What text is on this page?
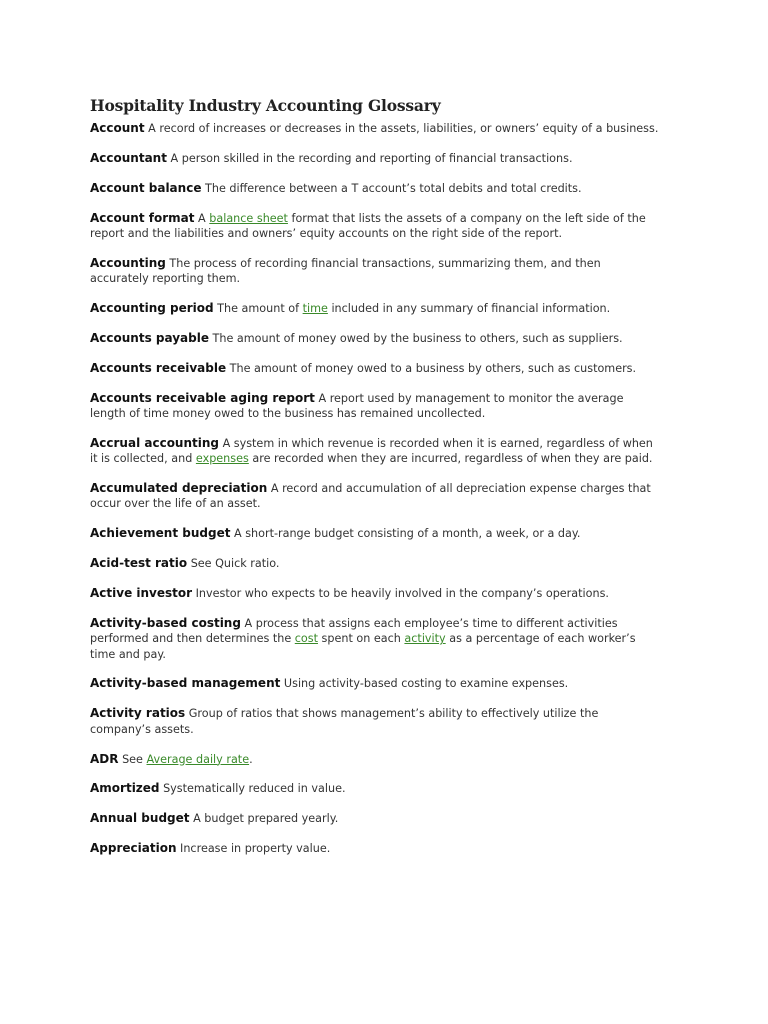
Hospitality Industry Accounting Glossary

Account A record of increases or decreases in the assets, liabilities, or owners’ equity of a business.

Accountant A person skilled in the recording and reporting of financial transactions.

Account balance The difference between a T account’s total debits and total credits.

Account format A balance sheet format that lists the assets of a company on the left side of the report and the liabilities and owners’ equity accounts on the right side of the report.

Accounting The process of recording financial transactions, summarizing them, and then accurately reporting them.

Accounting period The amount of time included in any summary of financial information.

Accounts payable The amount of money owed by the business to others, such as suppliers.

Accounts receivable The amount of money owed to a business by others, such as customers.

Accounts receivable aging report A report used by management to monitor the average length of time money owed to the business has remained uncollected.

Accrual accounting A system in which revenue is recorded when it is earned, regardless of when it is collected, and expenses are recorded when they are incurred, regardless of when they are paid.

Accumulated depreciation A record and accumulation of all depreciation expense charges that occur over the life of an asset.

Achievement budget A short-range budget consisting of a month, a week, or a day.

Acid-test ratio See Quick ratio.

Active investor Investor who expects to be heavily involved in the company’s operations.

Activity-based costing A process that assigns each employee’s time to different activities performed and then determines the cost spent on each activity as a percentage of each worker’s time and pay.

Activity-based management Using activity-based costing to examine expenses.

Activity ratios Group of ratios that shows management’s ability to effectively utilize the company’s assets.

ADR See Average daily rate.

Amortized Systematically reduced in value.

Annual budget A budget prepared yearly.

Appreciation Increase in property value.
